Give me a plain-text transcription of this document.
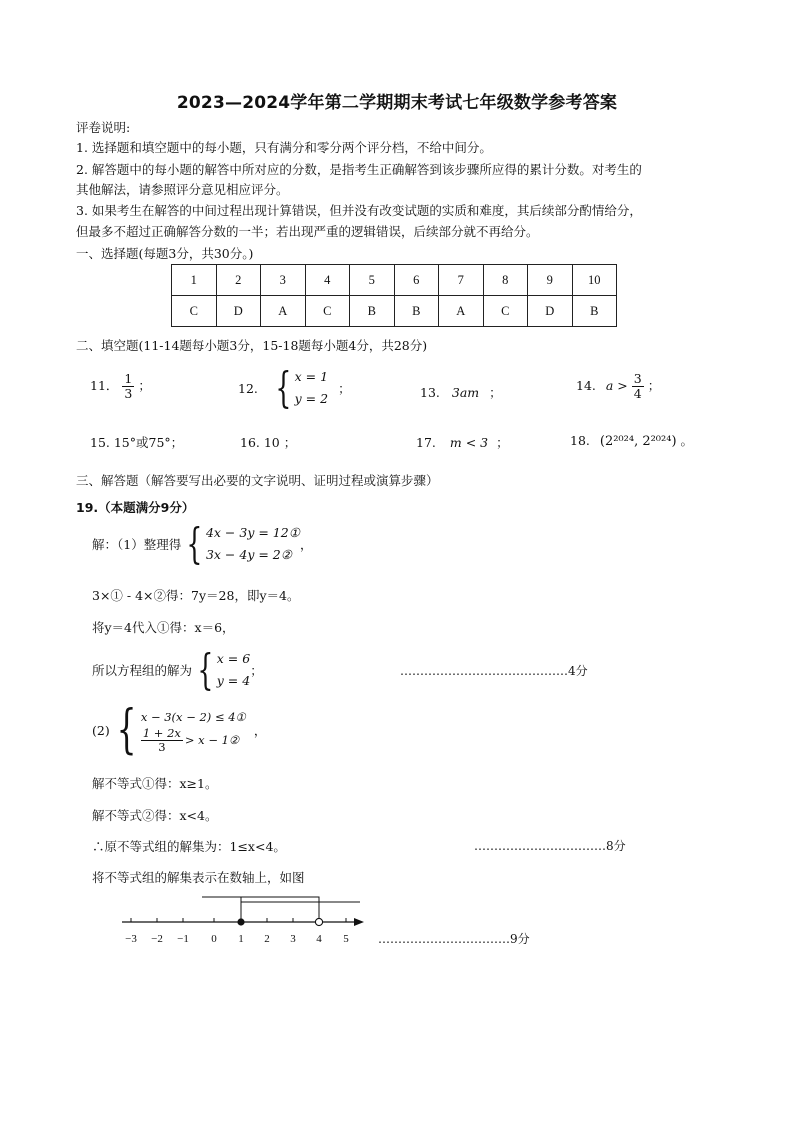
2023—2024学年第二学期期末考试七年级数学参考答案
评卷说明:
1. 选择题和填空题中的每小题，只有满分和零分两个评分档，不给中间分。
2. 解答题中的每小题的解答中所对应的分数，是指考生正确解答到该步骤所应得的累计分数。对考生的
其他解法，请参照评分意见相应评分。
3. 如果考生在解答的中间过程出现计算错误，但并没有改变试题的实质和难度，其后续部分酌情给分，
但最多不超过正确解答分数的一半；若出现严重的逻辑错误，后续部分就不再给分。
一、选择题(每题3分，共30分。)
1	2	3	4	5	6	7	8	9	10
C	D	A	C	B	B	A	C	D	B
二、填空题(11-14题每小题3分，15-18题每小题4分，共28分)
11． $\frac{1}{3}$ ；	12. { x = 1
y = 2
；	13. 3am ；	14. $a > \frac{3}{4}$ ；
15. 15°或75°；	16. 10 ；	17. m < 3 ；	18. (2²⁰²⁴, 2²⁰²⁴) 。
三、解答题（解答要写出必要的文字说明、证明过程或演算步骤）
19.（本题满分9分）
解：（1）整理得 { 4x − 3y = 12①
3x − 4y = 2②
，
3×① - 4×②得：7y＝28，即y＝4。
将y＝4代入①得：x＝6，
所以方程组的解为 { x = 6
y = 4
；	……………………………………4分
(2) { x − 3(x − 2) ≤ 4①
$\frac{1 + 2x}{3} > x$ − 1②
，
解不等式①得：x≥1。
解不等式②得：x<4。
∴原不等式组的解集为：1≤x<4。	……………………………8分
将不等式组的解集表示在数轴上，如图
−3 −2 −1 0 1 2 3 4 5 ……………………………9分
